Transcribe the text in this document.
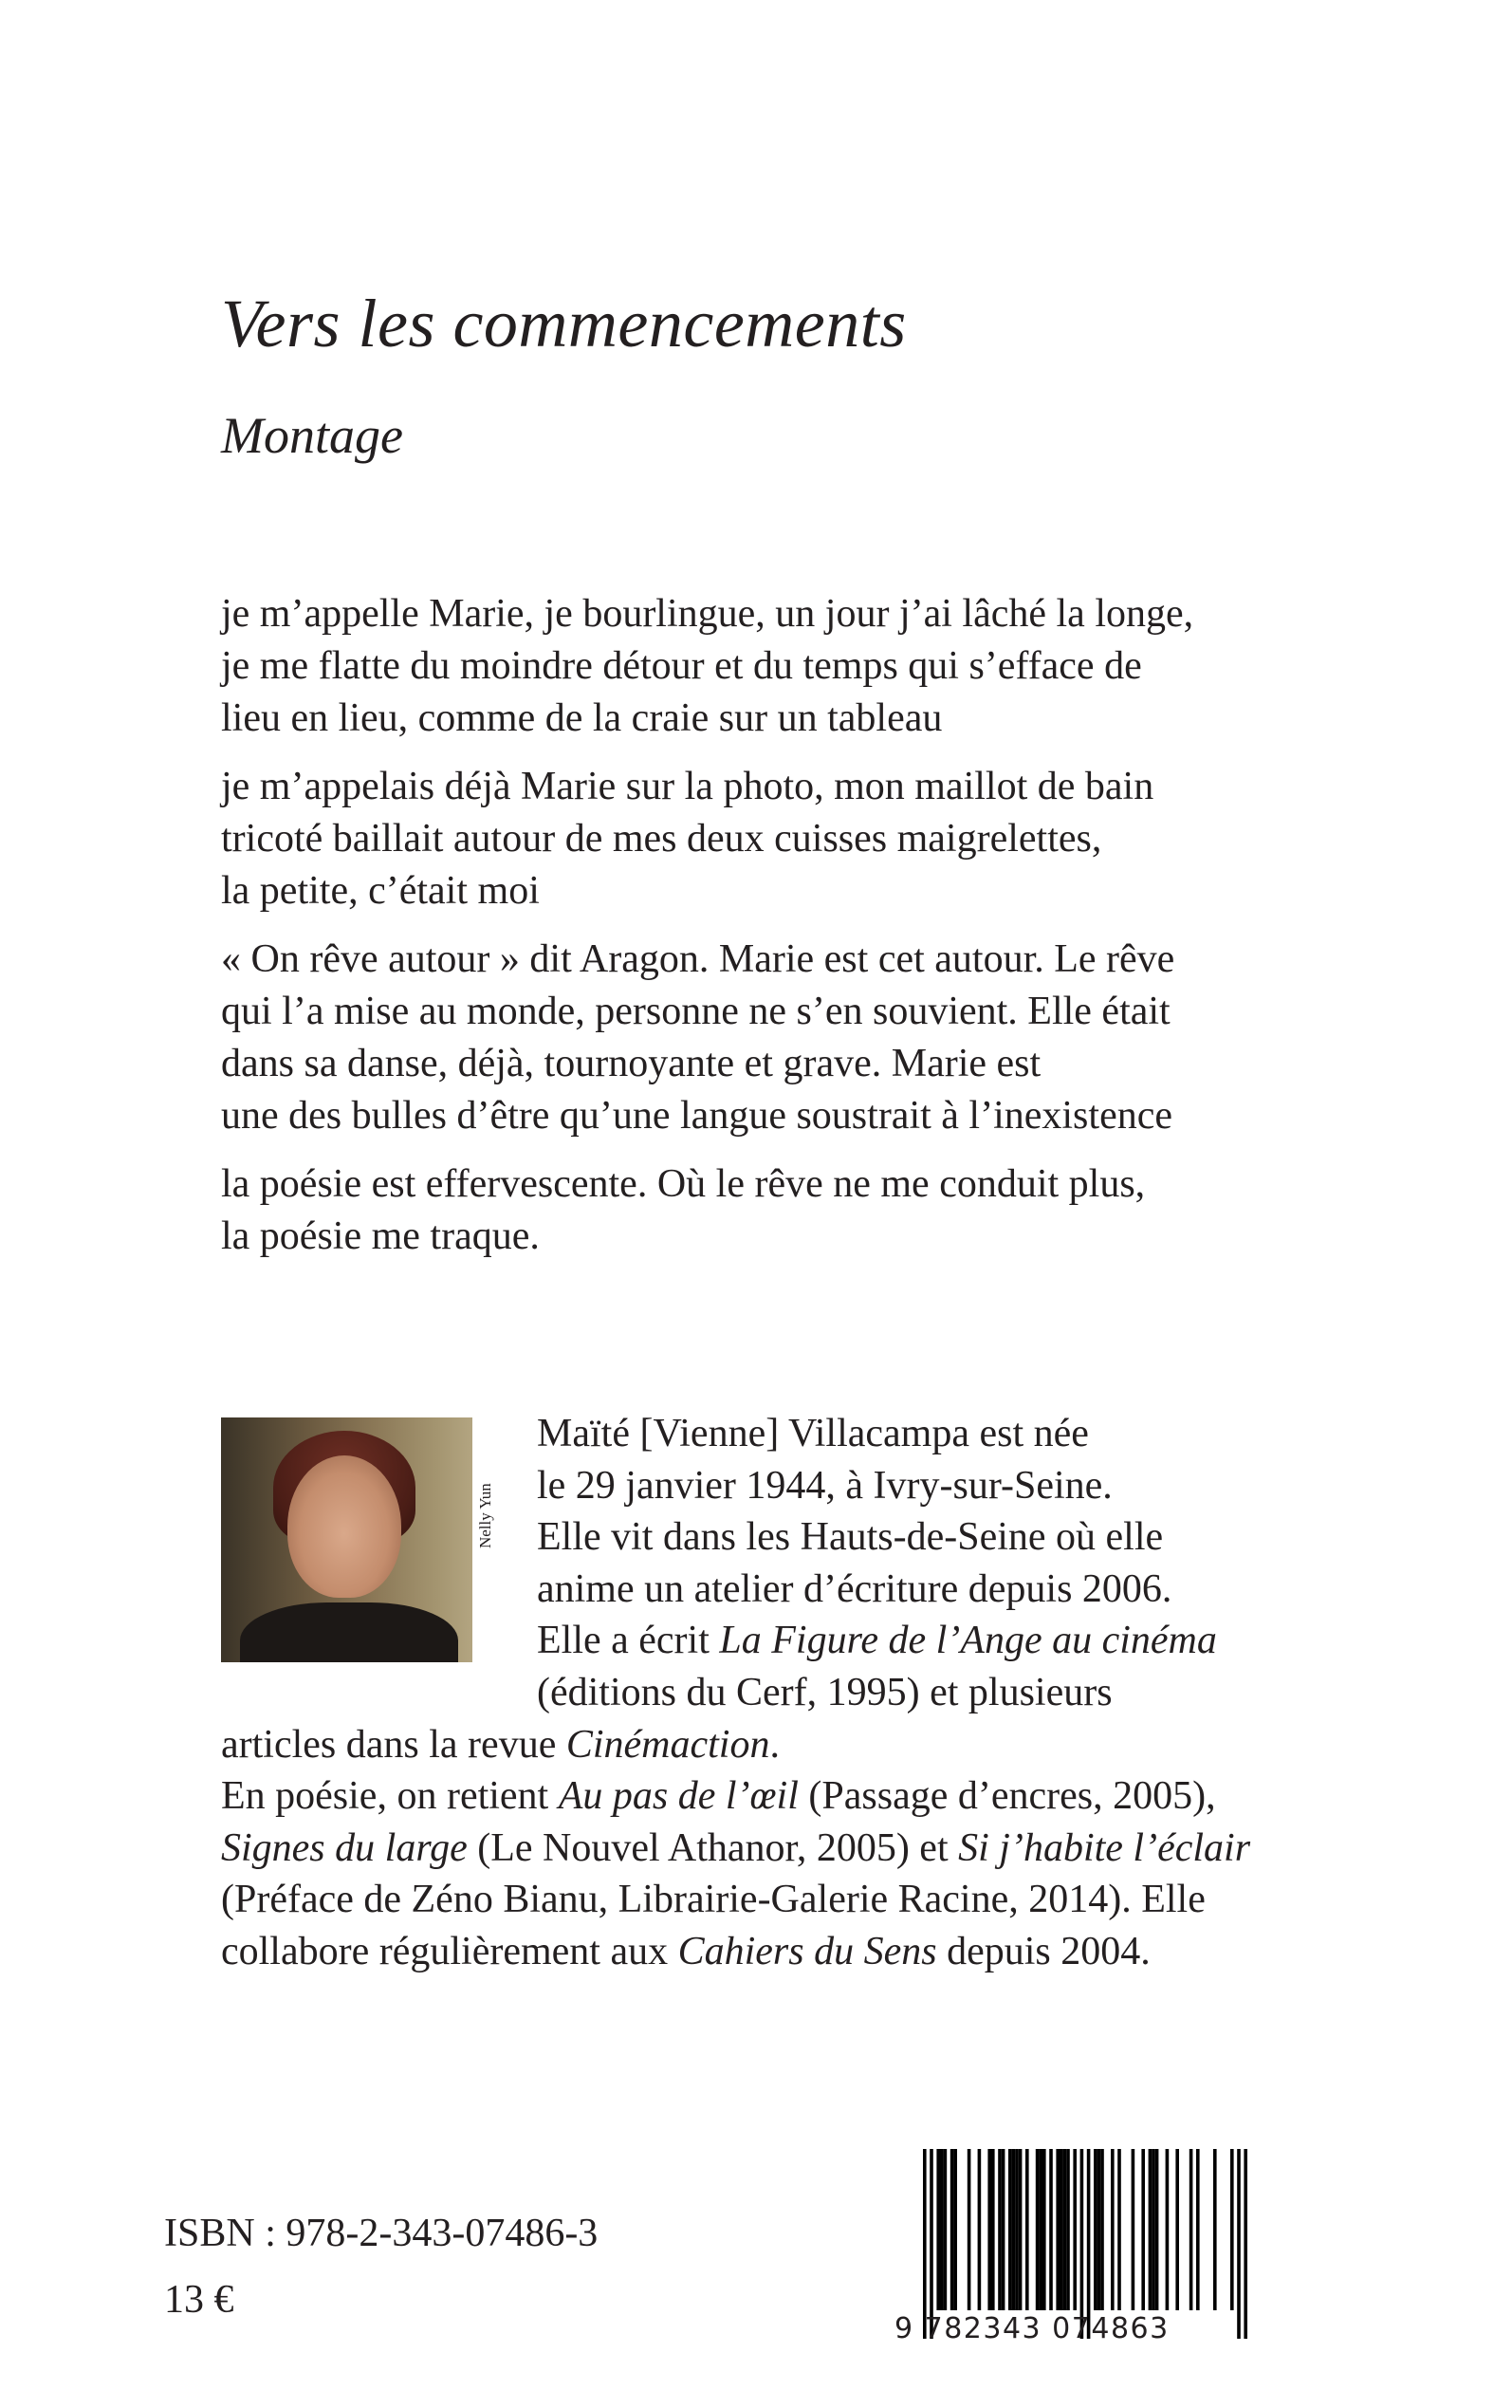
Vers les commencements
Montage

je m’appelle Marie, je bourlingue, un jour j’ai lâché la longe,
je me flatte du moindre détour et du temps qui s’efface de
lieu en lieu, comme de la craie sur un tableau

je m’appelais déjà Marie sur la photo, mon maillot de bain
tricoté baillait autour de mes deux cuisses maigrelettes,
la petite, c’était moi

« On rêve autour » dit Aragon. Marie est cet autour. Le rêve
qui l’a mise au monde, personne ne s’en souvient. Elle était
dans sa danse, déjà, tournoyante et grave. Marie est
une des bulles d’être qu’une langue soustrait à l’inexistence

la poésie est effervescente. Où le rêve ne me conduit plus,
la poésie me traque.

Nelly Yun
Maïté [Vienne] Villacampa est née
le 29 janvier 1944, à Ivry-sur-Seine.
Elle vit dans les Hauts-de-Seine où elle
anime un atelier d’écriture depuis 2006.
Elle a écrit La Figure de l’Ange au cinéma
(éditions du Cerf, 1995) et plusieurs
articles dans la revue Cinémaction.
En poésie, on retient Au pas de l’œil (Passage d’encres, 2005),
Signes du large (Le Nouvel Athanor, 2005) et Si j’habite l’éclair
(Préface de Zéno Bianu, Librairie-Galerie Racine, 2014). Elle
collabore régulièrement aux Cahiers du Sens depuis 2004.
ISBN : 978-2-343-07486-3
13 €
9 782343 074863
